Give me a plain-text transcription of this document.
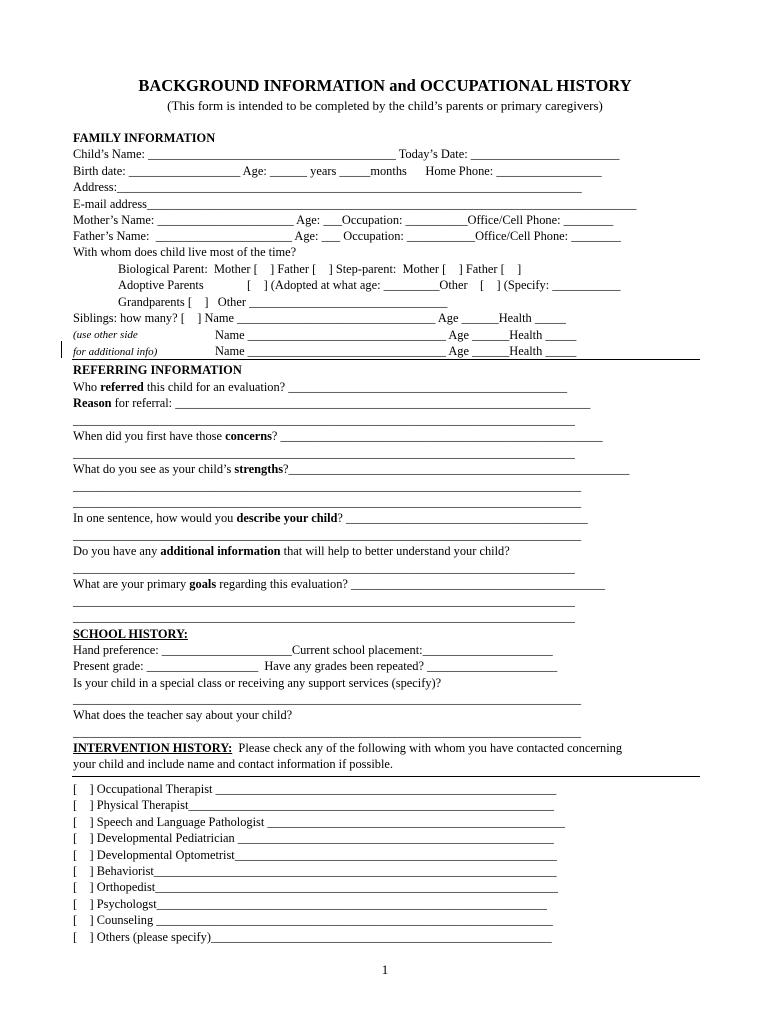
BACKGROUND INFORMATION and OCCUPATIONAL HISTORY
(This form is intended to be completed by the child’s parents or primary caregivers)
FAMILY INFORMATION
Child’s Name: ________________________________________ Today’s Date: ________________________
Birth date: __________________ Age: ______ years _____months      Home Phone: _________________
Address:___________________________________________________________________________
E-mail address_______________________________________________________________________________
Mother’s Name: ______________________ Age: ___Occupation: __________Office/Cell Phone: ________
Father’s Name:  ______________________ Age: ___ Occupation: ___________Office/Cell Phone: ________
With whom does child live most of the time?
Biological Parent:  Mother [    ] Father [    ] Step-parent:  Mother [    ] Father [    ]
Adoptive Parents              [    ] (Adopted at what age: _________Other    [    ] (Specify: ___________
Grandparents [    ]   Other ________________________________
Siblings: how many? [    ] Name ________________________________ Age ______Health _____
(use other side	Name ________________________________ Age ______Health _____
for additional info)	Name ________________________________ Age ______Health _____
REFERRING INFORMATION
Who referred this child for an evaluation? _____________________________________________
Reason for referral: ___________________________________________________________________
_________________________________________________________________________________
When did you first have those concerns? ____________________________________________________
_________________________________________________________________________________
What do you see as your child’s strengths?_______________________________________________________
__________________________________________________________________________________
__________________________________________________________________________________
In one sentence, how would you describe your child? _______________________________________
__________________________________________________________________________________
Do you have any additional information that will help to better understand your child?
_________________________________________________________________________________
What are your primary goals regarding this evaluation? _________________________________________
_________________________________________________________________________________
_________________________________________________________________________________
SCHOOL HISTORY:
Hand preference: _____________________Current school placement:_____________________
Present grade: __________________  Have any grades been repeated? _____________________
Is your child in a special class or receiving any support services (specify)?
__________________________________________________________________________________
What does the teacher say about your child?
__________________________________________________________________________________
INTERVENTION HISTORY:  Please check any of the following with whom you have contacted concerning
your child and include name and contact information if possible.
[    ] Occupational Therapist _______________________________________________________
[    ] Physical Therapist___________________________________________________________
[    ] Speech and Language Pathologist ________________________________________________
[    ] Developmental Pediatrician ___________________________________________________
[    ] Developmental Optometrist____________________________________________________
[    ] Behaviorist_________________________________________________________________
[    ] Orthopedist_________________________________________________________________
[    ] Psychologst_______________________________________________________________
[    ] Counseling ________________________________________________________________
[    ] Others (please specify)_______________________________________________________
1
